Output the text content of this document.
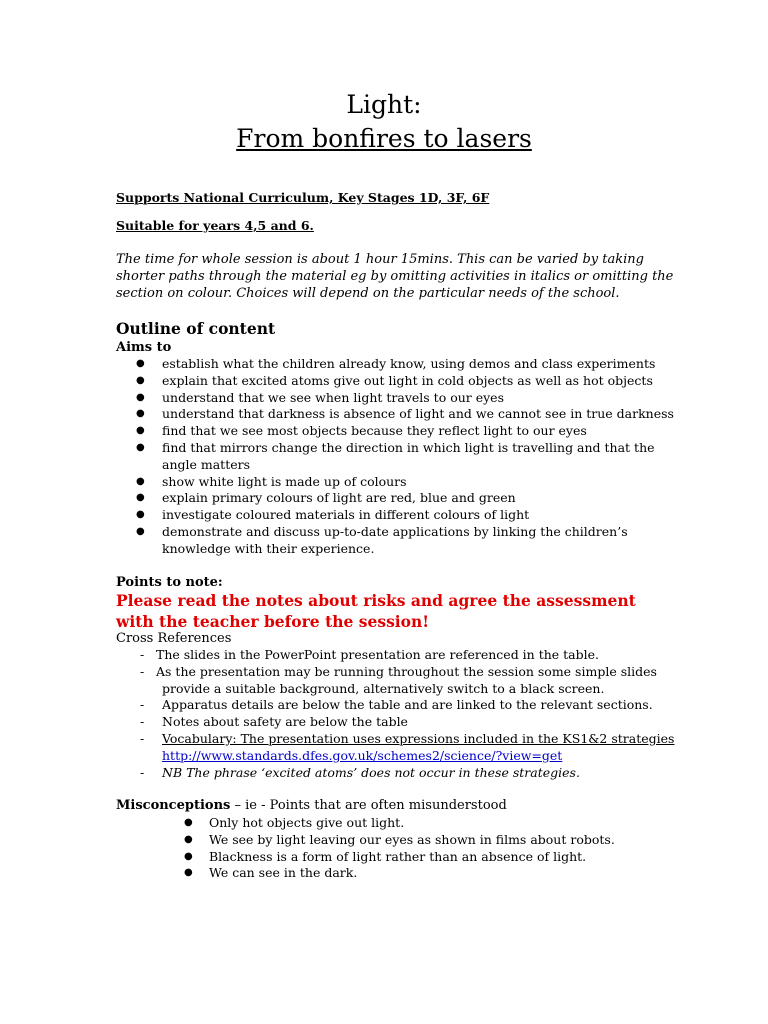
Light:
From bonfires to lasers
Supports National Curriculum, Key Stages 1D, 3F, 6F
Suitable for years 4,5 and 6.
The time for whole session is about 1 hour 15mins. This can be varied by taking shorter paths through the material eg by omitting activities in italics or omitting the section on colour. Choices will depend on the particular needs of the school.
Outline of content
Aims to
● establish what the children already know, using demos and class experiments
● explain that excited atoms give out light in cold objects as well as hot objects
● understand that we see when light travels to our eyes
● understand that darkness is absence of light and we cannot see in true darkness
● find that we see most objects because they reflect light to our eyes
● find that mirrors change the direction in which light is travelling and that the angle matters
● show white light is made up of colours
● explain primary colours of light are red, blue and green
● investigate coloured materials in different colours of light
● demonstrate and discuss up-to-date applications by linking the children’s knowledge with their experience.
Points to note:
Please read the notes about risks and agree the assessment with the teacher before the session!
Cross References
- The slides in the PowerPoint presentation are referenced in the table.
- As the presentation may be running throughout the session some simple slides
provide a suitable background, alternatively switch to a black screen.
- Apparatus details are below the table and are linked to the relevant sections.
- Notes about safety are below the table
- Vocabulary: The presentation uses expressions included in the KS1&2 strategies
http://www.standards.dfes.gov.uk/schemes2/science/?view=get
- NB The phrase ‘excited atoms’ does not occur in these strategies.
Misconceptions – ie - Points that are often misunderstood
● Only hot objects give out light.
● We see by light leaving our eyes as shown in films about robots.
● Blackness is a form of light rather than an absence of light.
● We can see in the dark.
